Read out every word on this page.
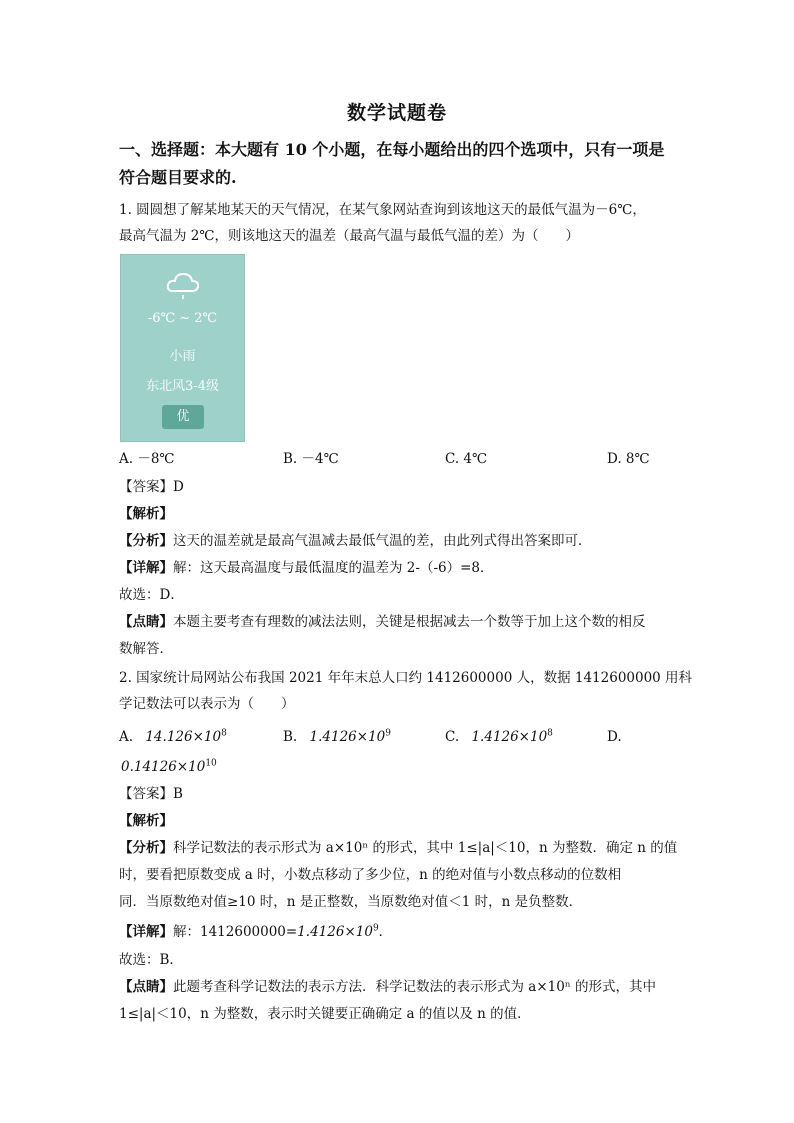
数学试题卷
一、选择题：本大题有 10 个小题，在每小题给出的四个选项中，只有一项是
符合题目要求的.
1. 圆圆想了解某地某天的天气情况，在某气象网站查询到该地这天的最低气温为－6℃，
最高气温为 2℃，则该地这天的温差（最高气温与最低气温的差）为（　　）
-6℃ ~ 2℃
小雨
东北风3-4级
优
A. －8℃	B. －4℃	C. 4℃	D. 8℃
【答案】D
【解析】
【分析】这天的温差就是最高气温减去最低气温的差，由此列式得出答案即可．
【详解】解：这天最高温度与最低温度的温差为 2-（-6）=8．
故选：D．
【点睛】本题主要考查有理数的减法法则，关键是根据减去一个数等于加上这个数的相反
数解答．
2. 国家统计局网站公布我国 2021 年年末总人口约 1412600000 人，数据 1412600000 用科
学记数法可以表示为（　　）
A. $14.126\times 10^8$	B. $1.4126\times 10^9$	C. $1.4126\times 10^8$	D.
$0.14126\times 10^{10}$
【答案】B
【解析】
【分析】科学记数法的表示形式为 a×10ⁿ 的形式，其中 1≤|a|＜10，n 为整数．确定 n 的值
时，要看把原数变成 a 时，小数点移动了多少位，n 的绝对值与小数点移动的位数相
同．当原数绝对值≥10 时，n 是正整数，当原数绝对值＜1 时，n 是负整数．
【详解】解：$1412600000=1.4126\times 10^9$．
故选：B．
【点睛】此题考查科学记数法的表示方法．科学记数法的表示形式为 a×10ⁿ 的形式，其中
1≤|a|＜10，n 为整数，表示时关键要正确确定 a 的值以及 n 的值．
